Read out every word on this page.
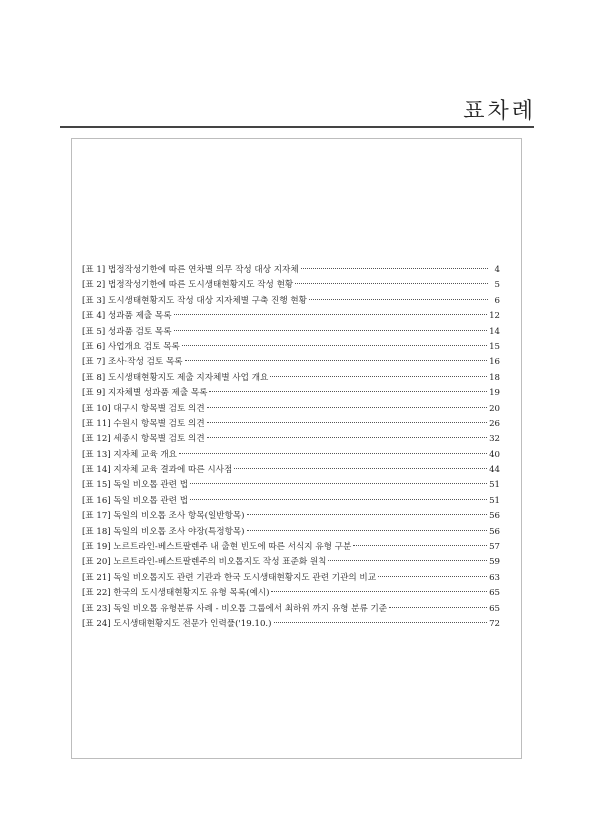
표차례
[표 1] 법정작성기한에 따른 연차별 의무 작성 대상 지자체	4
[표 2] 법정작성기한에 따른 도시생태현황지도 작성 현황	5
[표 3] 도시생태현황지도 작성 대상 지자체별 구축 진행 현황	6
[표 4] 성과품 제출 목록	12
[표 5] 성과품 검토 목록	14
[표 6] 사업개요 검토 목록	15
[표 7] 조사·작성 검토 목록	16
[표 8] 도시생태현황지도 제출 지자체별 사업 개요	18
[표 9] 지자체별 성과품 제출 목록	19
[표 10] 대구시 항목별 검토 의견	20
[표 11] 수원시 항목별 검토 의견	26
[표 12] 세종시 항목별 검토 의견	32
[표 13] 지자체 교육 개요	40
[표 14] 지자체 교육 결과에 따른 시사점	44
[표 15] 독일 비오톱 관련 법	51
[표 16] 독일 비오톱 관련 법	51
[표 17] 독일의 비오톱 조사 항목(일반항목)	56
[표 18] 독일의 비오톱 조사 야장(특정항목)	56
[표 19] 노르트라인-베스트팔렌주 내 출현 빈도에 따른 서식지 유형 구분	57
[표 20] 노르트라인-베스트팔렌주의 비오톱지도 작성 표준화 원칙	59
[표 21] 독일 비오톱지도 관련 기관과 한국 도시생태현황지도 관련 기관의 비교	63
[표 22] 한국의 도시생태현황지도 유형 목록(예시)	65
[표 23] 독일 비오톱 유형분류 사례 - 비오톱 그룹에서 최하위 까지 유형 분류 기준	65
[표 24] 도시생태현황지도 전문가 인력풀('19.10.)	72
